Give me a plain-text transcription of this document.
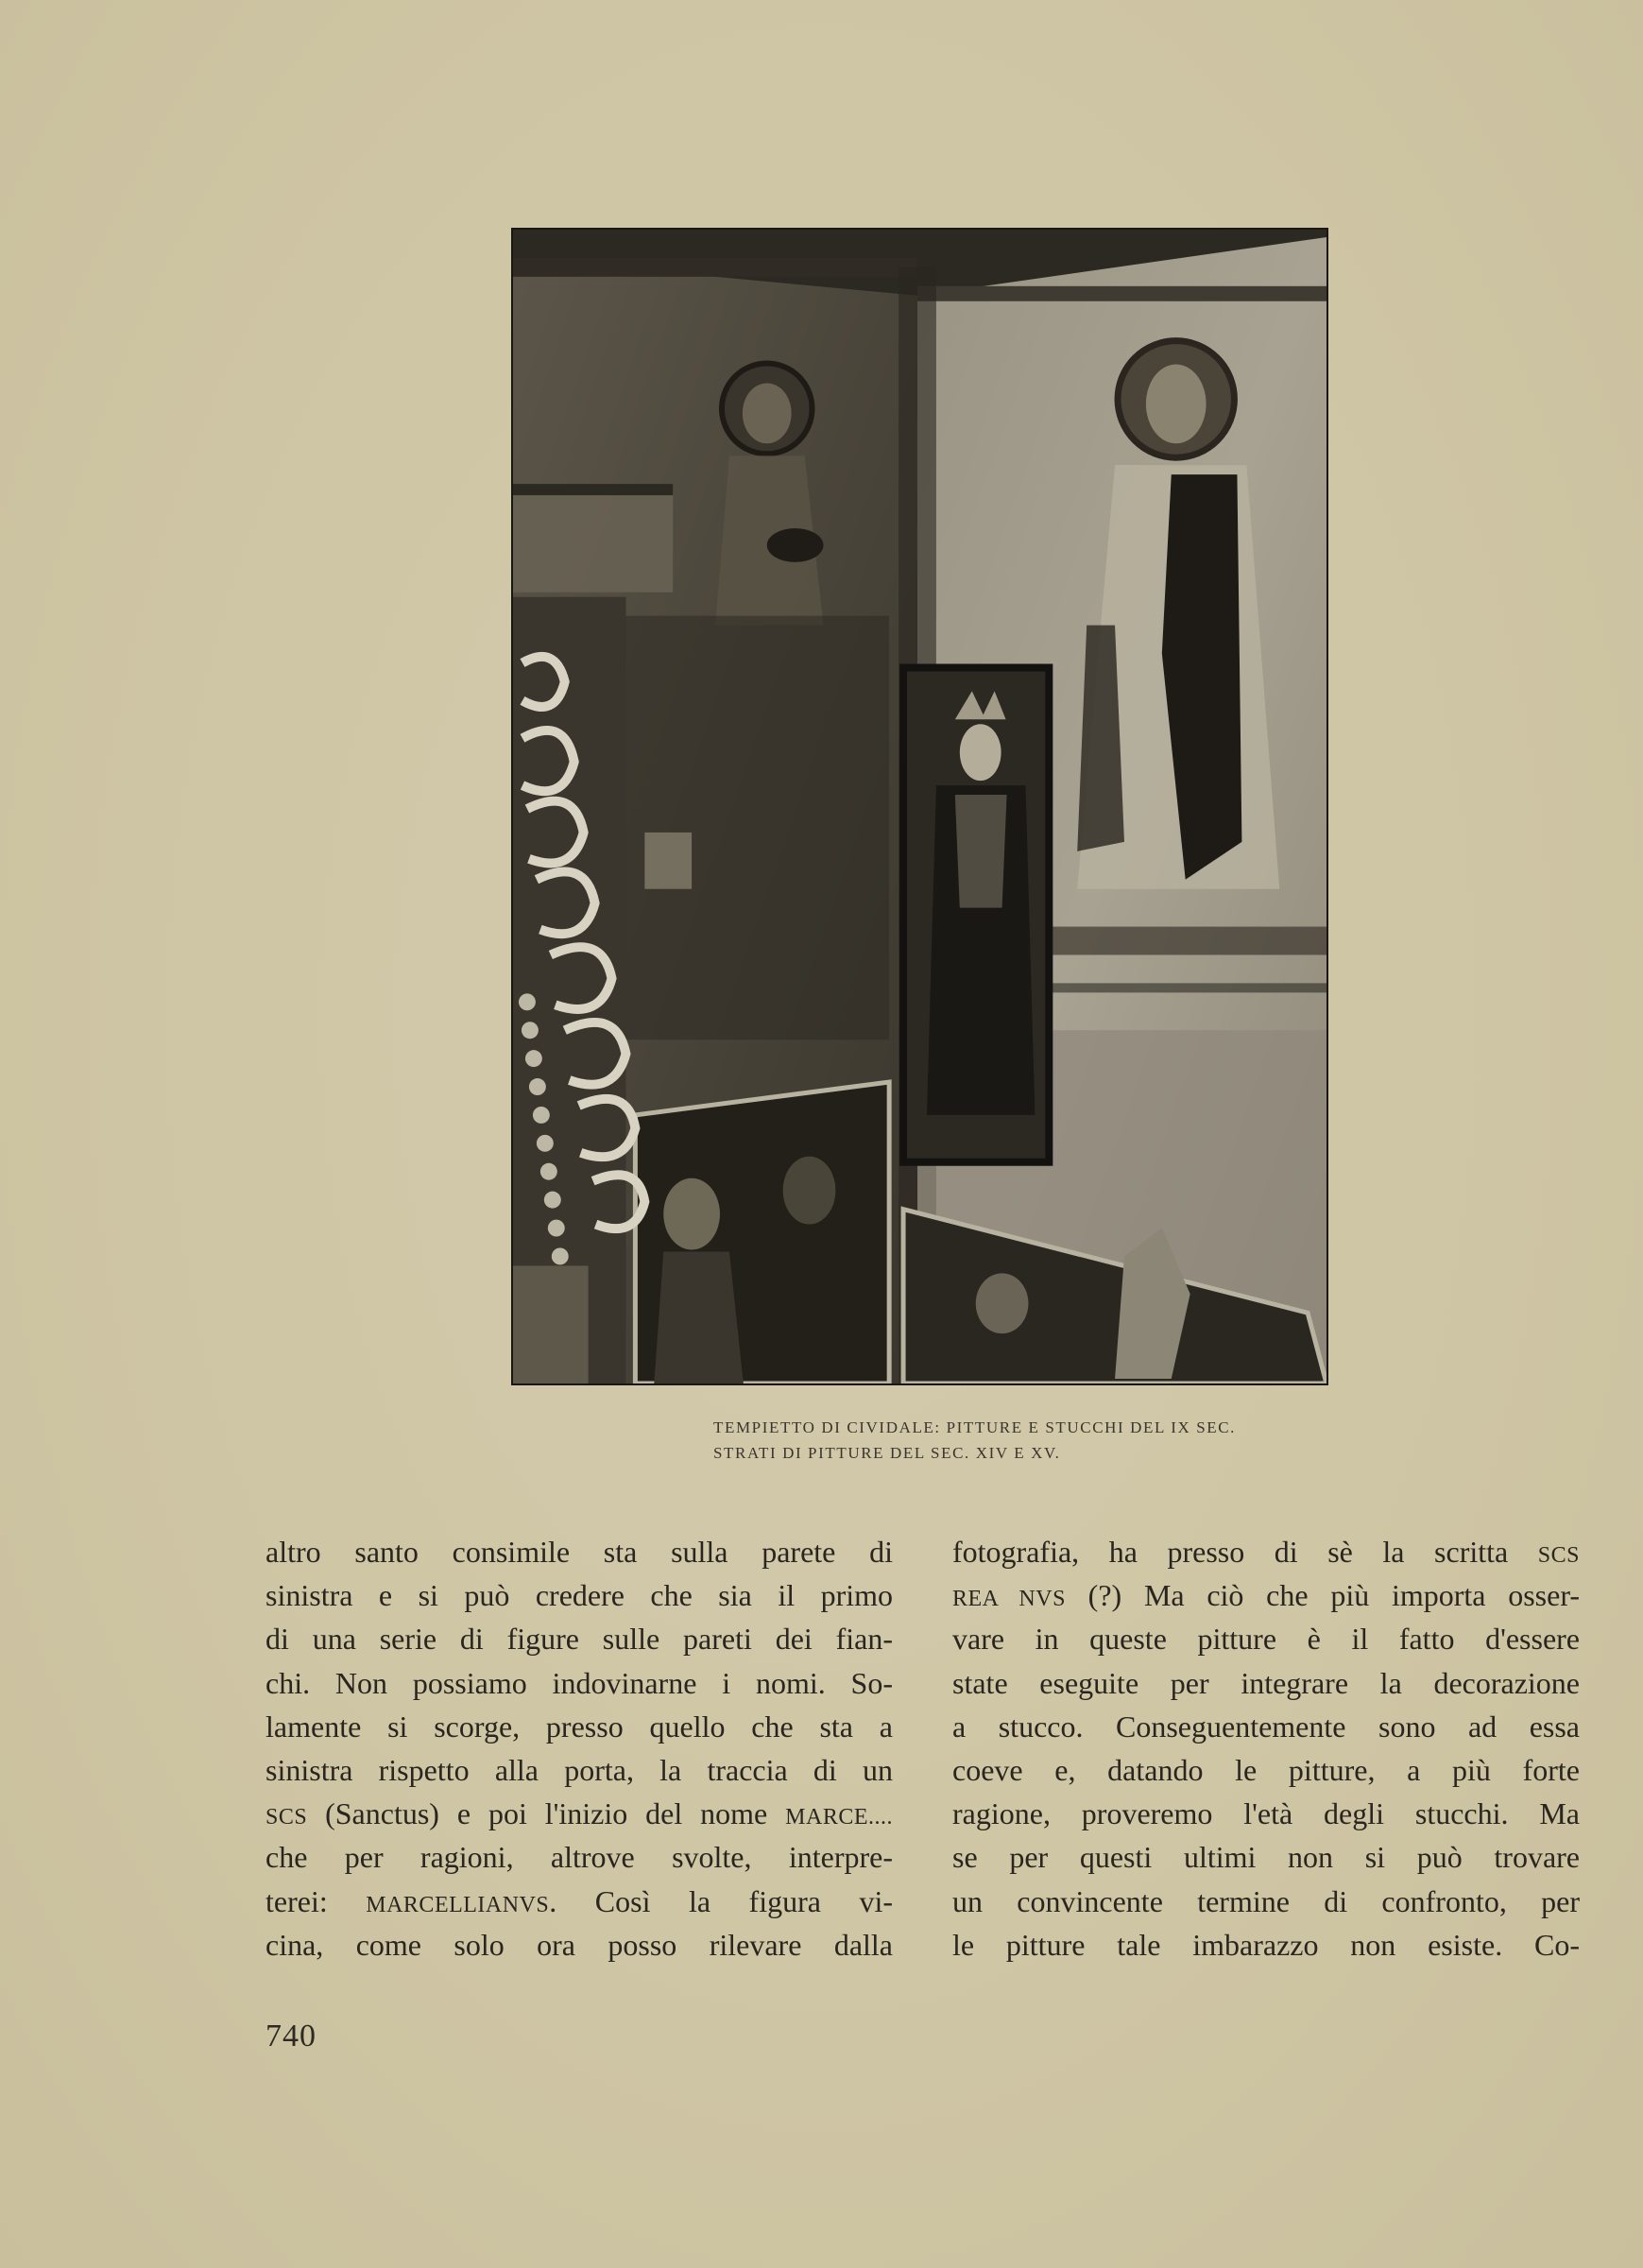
TEMPIETTO DI CIVIDALE: PITTURE E STUCCHI DEL IX SEC.
STRATI DI PITTURE DEL SEC. XIV E XV.
altro santo consimile sta sulla parete di
sinistra e si può credere che sia il primo
di una serie di figure sulle pareti dei fian-
chi. Non possiamo indovinarne i nomi. So-
lamente si scorge, presso quello che sta a
sinistra rispetto alla porta, la traccia di un
SCS (Sanctus) e poi l'inizio del nome MARCE....
che per ragioni, altrove svolte, interpre-
terei: MARCELLIANVS. Così la figura vi-
cina, come solo ora posso rilevare dalla
fotografia, ha presso di sè la scritta SCS
REA NVS (?) Ma ciò che più importa osser-
vare in queste pitture è il fatto d'essere
state eseguite per integrare la decorazione
a stucco. Conseguentemente sono ad essa
coeve e, datando le pitture, a più forte
ragione, proveremo l'età degli stucchi. Ma
se per questi ultimi non si può trovare
un convincente termine di confronto, per
le pitture tale imbarazzo non esiste. Co-
740
